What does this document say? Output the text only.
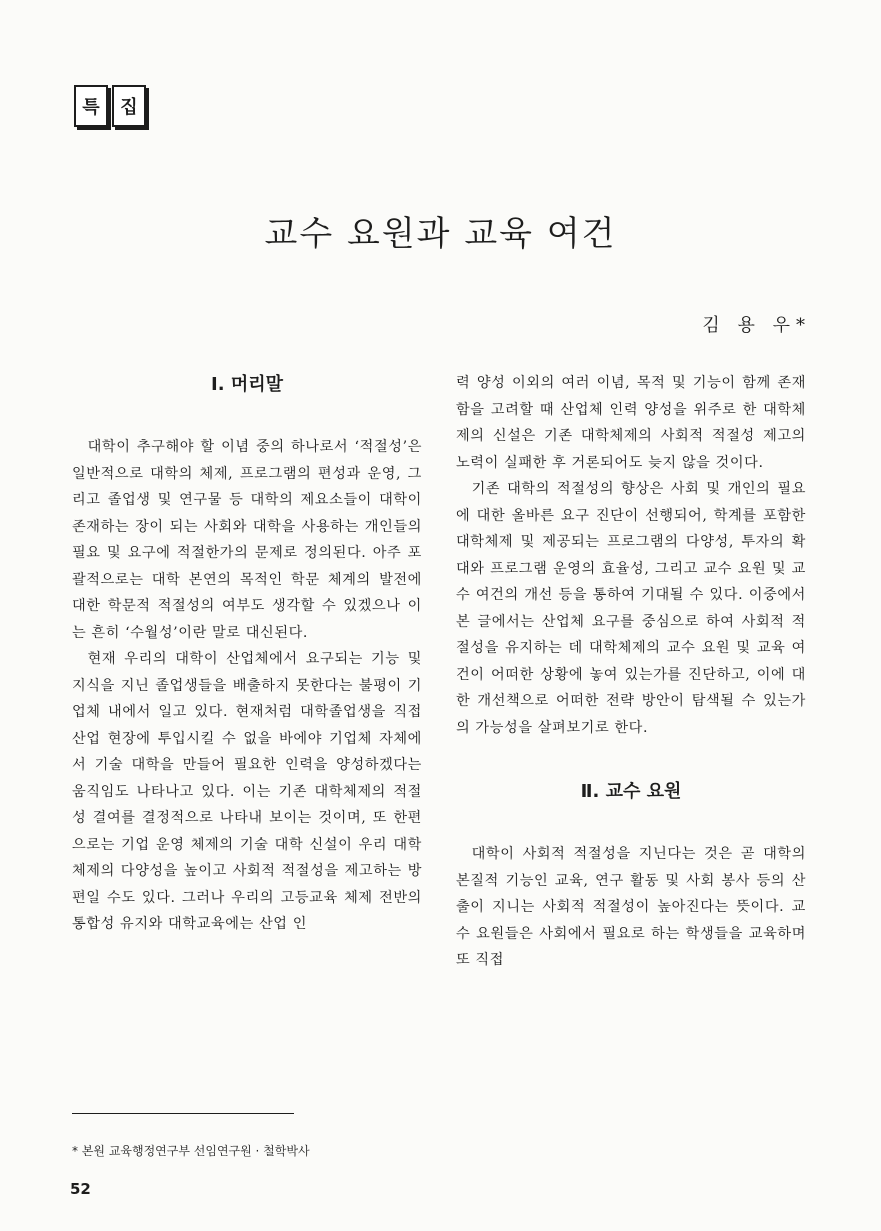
특	집
교수 요원과 교육 여건
김 용 우*
Ⅰ. 머리말

대학이 추구해야 할 이념 중의 하나로서 ‘적절성’은 일반적으로 대학의 체제, 프로그램의 편성과 운영, 그리고 졸업생 및 연구물 등 대학의 제요소들이 대학이 존재하는 장이 되는 사회와 대학을 사용하는 개인들의 필요 및 요구에 적절한가의 문제로 정의된다. 아주 포괄적으로는 대학 본연의 목적인 학문 체계의 발전에 대한 학문적 적절성의 여부도 생각할 수 있겠으나 이는 흔히 ‘수월성’이란 말로 대신된다.

현재 우리의 대학이 산업체에서 요구되는 기능 및 지식을 지닌 졸업생들을 배출하지 못한다는 불평이 기업체 내에서 일고 있다. 현재처럼 대학졸업생을 직접 산업 현장에 투입시킬 수 없을 바에야 기업체 자체에서 기술 대학을 만들어 필요한 인력을 양성하겠다는 움직임도 나타나고 있다. 이는 기존 대학체제의 적절성 결여를 결정적으로 나타내 보이는 것이며, 또 한편으로는 기업 운영 체제의 기술 대학 신설이 우리 대학체제의 다양성을 높이고 사회적 적절성을 제고하는 방편일 수도 있다. 그러나 우리의 고등교육 체제 전반의 통합성 유지와 대학교육에는 산업 인

력 양성 이외의 여러 이념, 목적 및 기능이 함께 존재함을 고려할 때 산업체 인력 양성을 위주로 한 대학체제의 신설은 기존 대학체제의 사회적 적절성 제고의 노력이 실패한 후 거론되어도 늦지 않을 것이다.

기존 대학의 적절성의 향상은 사회 및 개인의 필요에 대한 올바른 요구 진단이 선행되어, 학계를 포함한 대학체제 및 제공되는 프로그램의 다양성, 투자의 확대와 프로그램 운영의 효율성, 그리고 교수 요원 및 교수 여건의 개선 등을 통하여 기대될 수 있다. 이중에서 본 글에서는 산업체 요구를 중심으로 하여 사회적 적절성을 유지하는 데 대학체제의 교수 요원 및 교육 여건이 어떠한 상황에 놓여 있는가를 진단하고, 이에 대한 개선책으로 어떠한 전략 방안이 탐색될 수 있는가의 가능성을 살펴보기로 한다.

Ⅱ. 교수 요원

대학이 사회적 적절성을 지닌다는 것은 곧 대학의 본질적 기능인 교육, 연구 활동 및 사회 봉사 등의 산출이 지니는 사회적 적절성이 높아진다는 뜻이다. 교수 요원들은 사회에서 필요로 하는 학생들을 교육하며 또 직접

* 본원 교육행정연구부 선임연구원 · 철학박사
52
